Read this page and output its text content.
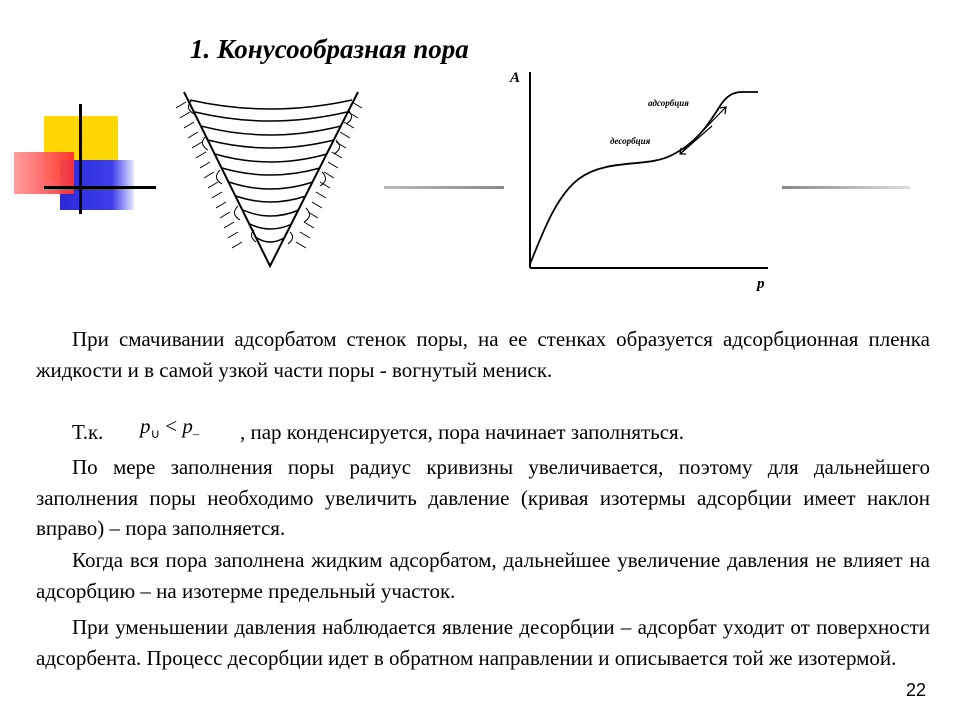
1. Конусообразная пора
A
p
адсорбция
десорбция
При смачивании адсорбатом стенок поры, на ее стенках образуется адсорбционная пленка жидкости и в самой узкой части поры - вогнутый мениск.
Т.к. $p_\cup < p_-$ , пар конденсируется, пора начинает заполняться.
По мере заполнения поры радиус кривизны увеличивается, поэтому для дальнейшего заполнения поры необходимо увеличить давление (кривая изотермы адсорбции имеет наклон вправо) – пора заполняется.
Когда вся пора заполнена жидким адсорбатом, дальнейшее увеличение давления не влияет на адсорбцию – на изотерме предельный участок.
При уменьшении давления наблюдается явление десорбции – адсорбат уходит от поверхности адсорбента. Процесс десорбции идет в обратном направлении и описывается той же изотермой.
22
